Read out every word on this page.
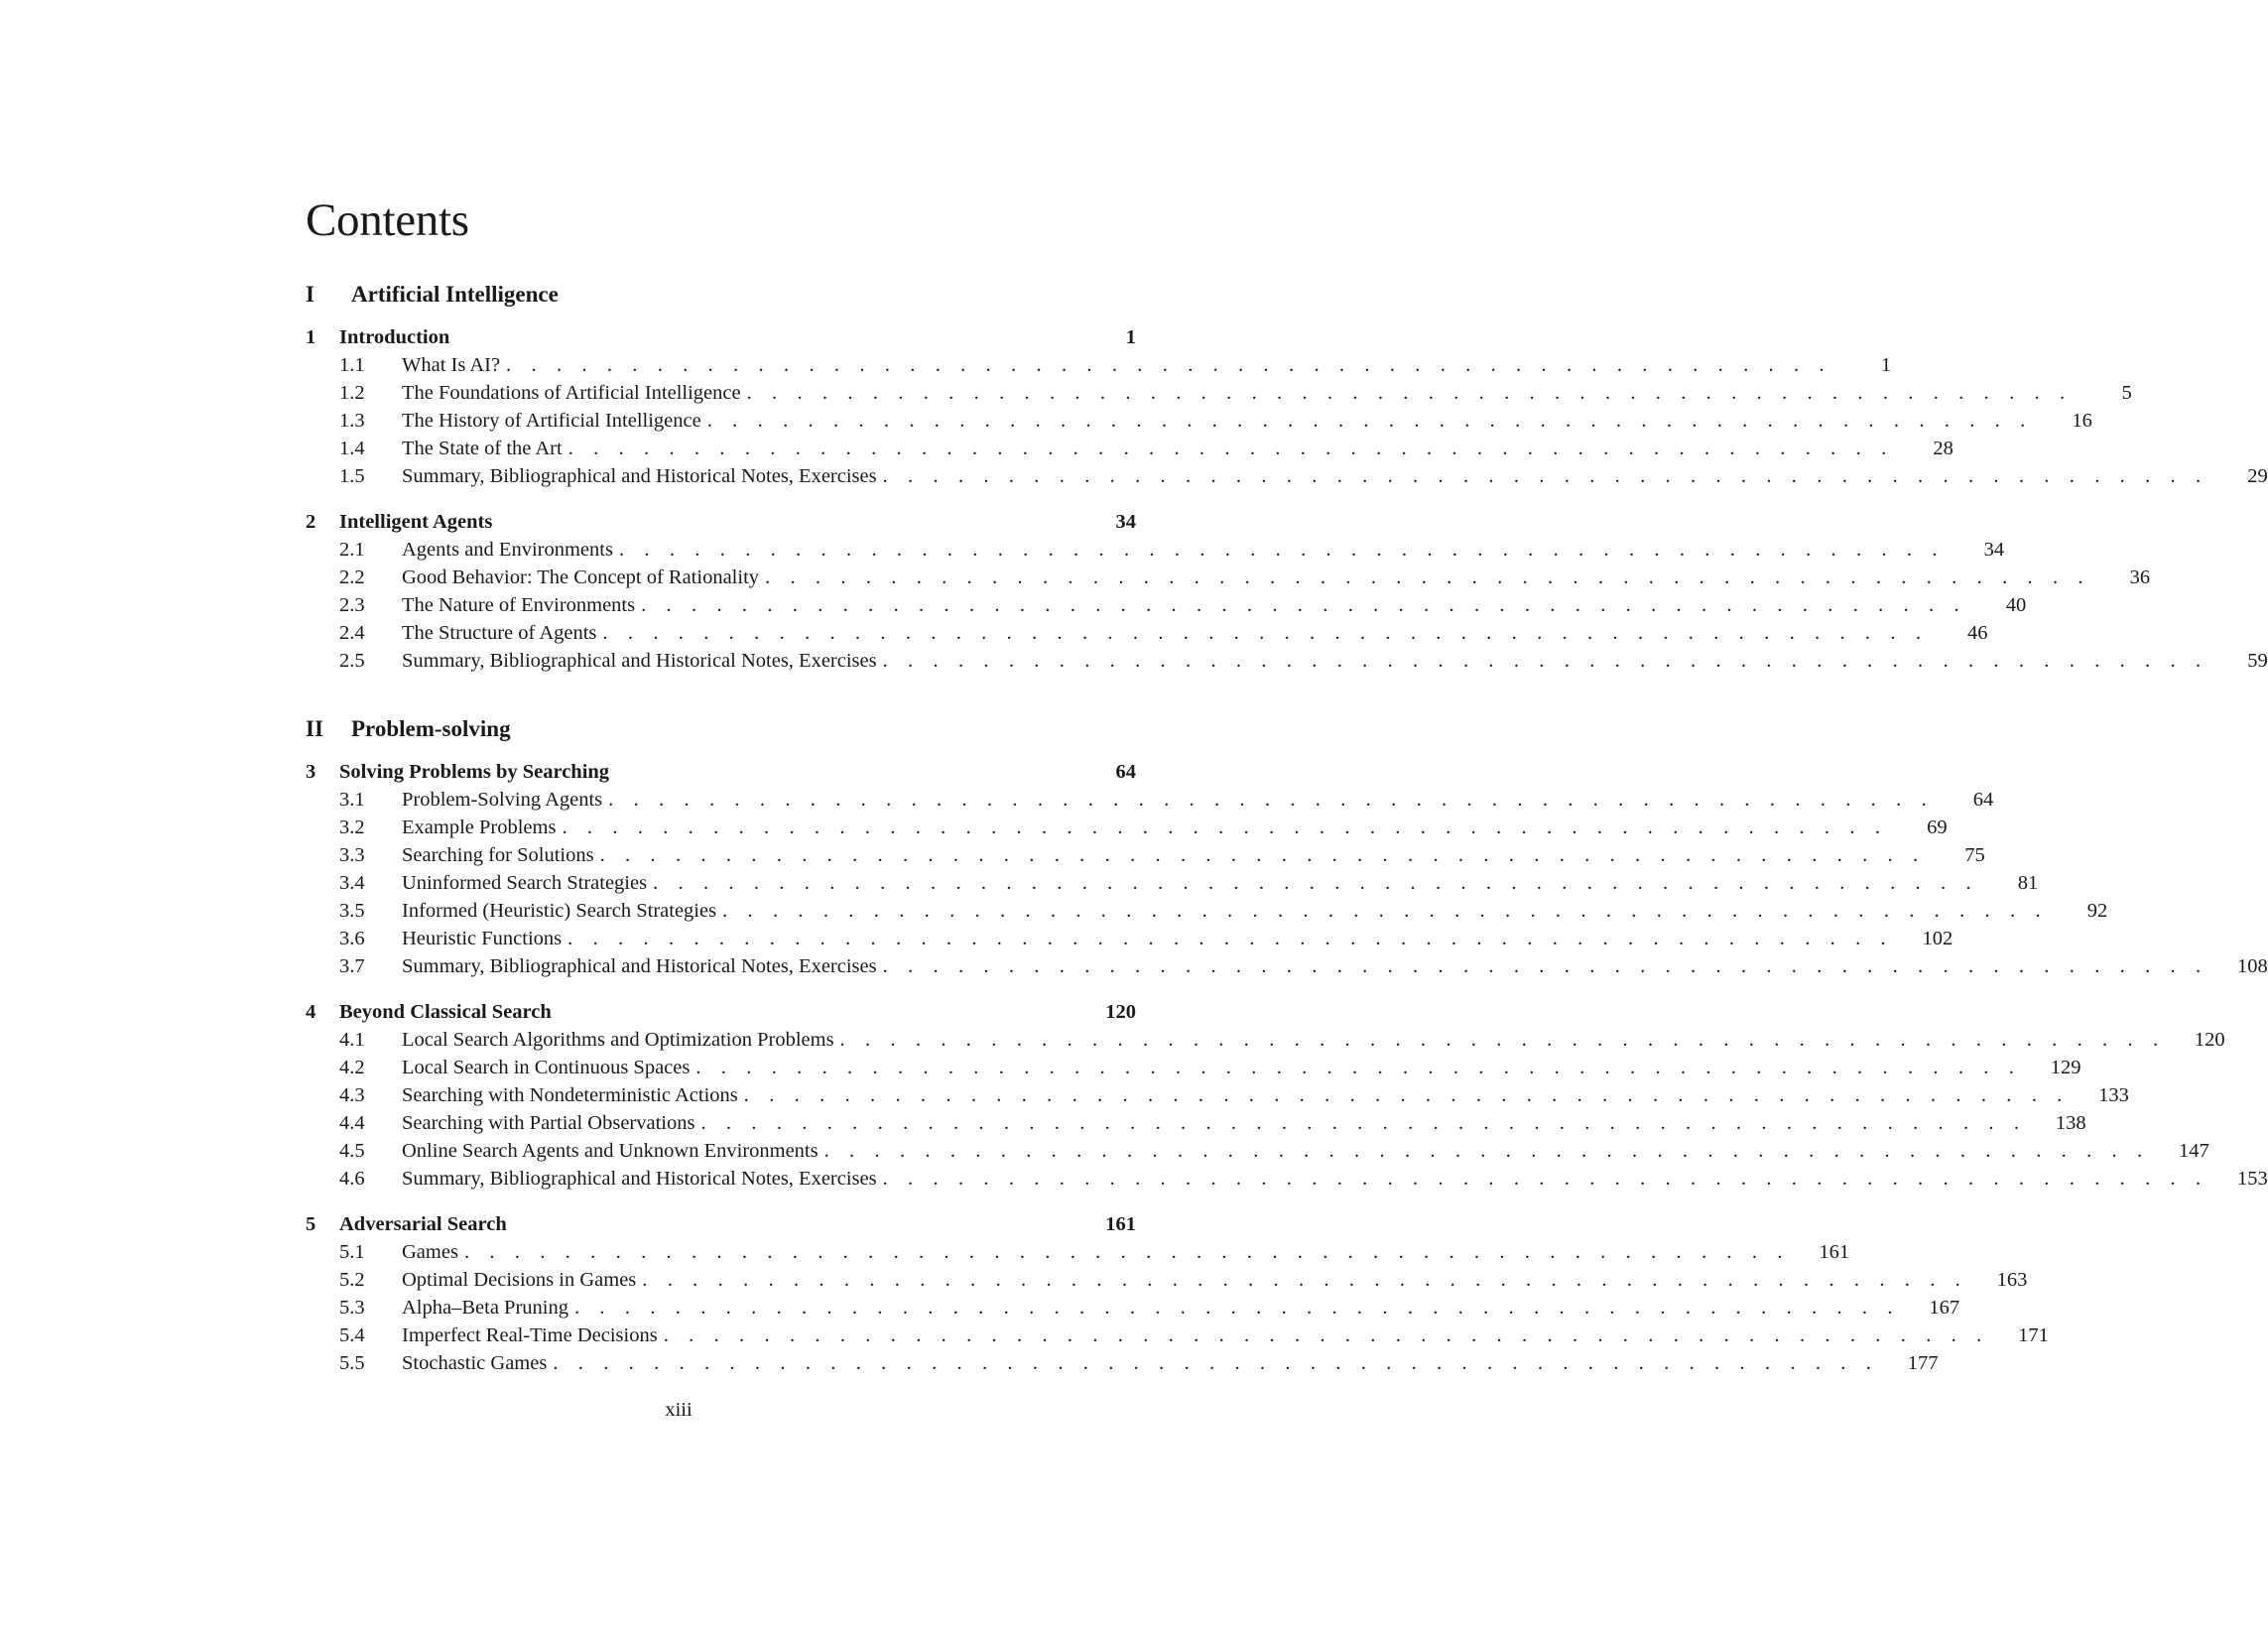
Contents
I	Artificial Intelligence
1	Introduction	1
1.1	What Is AI? . . . . . . . . . . . . . . . . . . . . . . . . . . . . . . . . . . . . . . . . . . . . . . . . . . . . .	1
1.2	The Foundations of Artificial Intelligence . . . . . . . . . . . . . . . . . . . . . . . . . . . . . . . . . . . . . . . . . . . . . . . . . . . . .	5
1.3	The History of Artificial Intelligence . . . . . . . . . . . . . . . . . . . . . . . . . . . . . . . . . . . . . . . . . . . . . . . . . . . . .	16
1.4	The State of the Art . . . . . . . . . . . . . . . . . . . . . . . . . . . . . . . . . . . . . . . . . . . . . . . . . . . . .	28
1.5	Summary, Bibliographical and Historical Notes, Exercises . . . . . . . . . . . . . . . . . . . . . . . . . . . . . . . . . . . . . . . . . . . . . . . . . . . . .	29
2	Intelligent Agents	34
2.1	Agents and Environments . . . . . . . . . . . . . . . . . . . . . . . . . . . . . . . . . . . . . . . . . . . . . . . . . . . . .	34
2.2	Good Behavior: The Concept of Rationality . . . . . . . . . . . . . . . . . . . . . . . . . . . . . . . . . . . . . . . . . . . . . . . . . . . . .	36
2.3	The Nature of Environments . . . . . . . . . . . . . . . . . . . . . . . . . . . . . . . . . . . . . . . . . . . . . . . . . . . . .	40
2.4	The Structure of Agents . . . . . . . . . . . . . . . . . . . . . . . . . . . . . . . . . . . . . . . . . . . . . . . . . . . . .	46
2.5	Summary, Bibliographical and Historical Notes, Exercises . . . . . . . . . . . . . . . . . . . . . . . . . . . . . . . . . . . . . . . . . . . . . . . . . . . . .	59
II	Problem-solving
3	Solving Problems by Searching	64
3.1	Problem-Solving Agents . . . . . . . . . . . . . . . . . . . . . . . . . . . . . . . . . . . . . . . . . . . . . . . . . . . . .	64
3.2	Example Problems . . . . . . . . . . . . . . . . . . . . . . . . . . . . . . . . . . . . . . . . . . . . . . . . . . . . .	69
3.3	Searching for Solutions . . . . . . . . . . . . . . . . . . . . . . . . . . . . . . . . . . . . . . . . . . . . . . . . . . . . .	75
3.4	Uninformed Search Strategies . . . . . . . . . . . . . . . . . . . . . . . . . . . . . . . . . . . . . . . . . . . . . . . . . . . . .	81
3.5	Informed (Heuristic) Search Strategies . . . . . . . . . . . . . . . . . . . . . . . . . . . . . . . . . . . . . . . . . . . . . . . . . . . . .	92
3.6	Heuristic Functions . . . . . . . . . . . . . . . . . . . . . . . . . . . . . . . . . . . . . . . . . . . . . . . . . . . . .	102
3.7	Summary, Bibliographical and Historical Notes, Exercises . . . . . . . . . . . . . . . . . . . . . . . . . . . . . . . . . . . . . . . . . . . . . . . . . . . . .	108
4	Beyond Classical Search	120
4.1	Local Search Algorithms and Optimization Problems . . . . . . . . . . . . . . . . . . . . . . . . . . . . . . . . . . . . . . . . . . . . . . . . . . . . .	120
4.2	Local Search in Continuous Spaces . . . . . . . . . . . . . . . . . . . . . . . . . . . . . . . . . . . . . . . . . . . . . . . . . . . . .	129
4.3	Searching with Nondeterministic Actions . . . . . . . . . . . . . . . . . . . . . . . . . . . . . . . . . . . . . . . . . . . . . . . . . . . . .	133
4.4	Searching with Partial Observations . . . . . . . . . . . . . . . . . . . . . . . . . . . . . . . . . . . . . . . . . . . . . . . . . . . . .	138
4.5	Online Search Agents and Unknown Environments . . . . . . . . . . . . . . . . . . . . . . . . . . . . . . . . . . . . . . . . . . . . . . . . . . . . .	147
4.6	Summary, Bibliographical and Historical Notes, Exercises . . . . . . . . . . . . . . . . . . . . . . . . . . . . . . . . . . . . . . . . . . . . . . . . . . . . .	153
5	Adversarial Search	161
5.1	Games . . . . . . . . . . . . . . . . . . . . . . . . . . . . . . . . . . . . . . . . . . . . . . . . . . . . .	161
5.2	Optimal Decisions in Games . . . . . . . . . . . . . . . . . . . . . . . . . . . . . . . . . . . . . . . . . . . . . . . . . . . . .	163
5.3	Alpha–Beta Pruning . . . . . . . . . . . . . . . . . . . . . . . . . . . . . . . . . . . . . . . . . . . . . . . . . . . . .	167
5.4	Imperfect Real-Time Decisions . . . . . . . . . . . . . . . . . . . . . . . . . . . . . . . . . . . . . . . . . . . . . . . . . . . . .	171
5.5	Stochastic Games . . . . . . . . . . . . . . . . . . . . . . . . . . . . . . . . . . . . . . . . . . . . . . . . . . . . .	177
xiii
